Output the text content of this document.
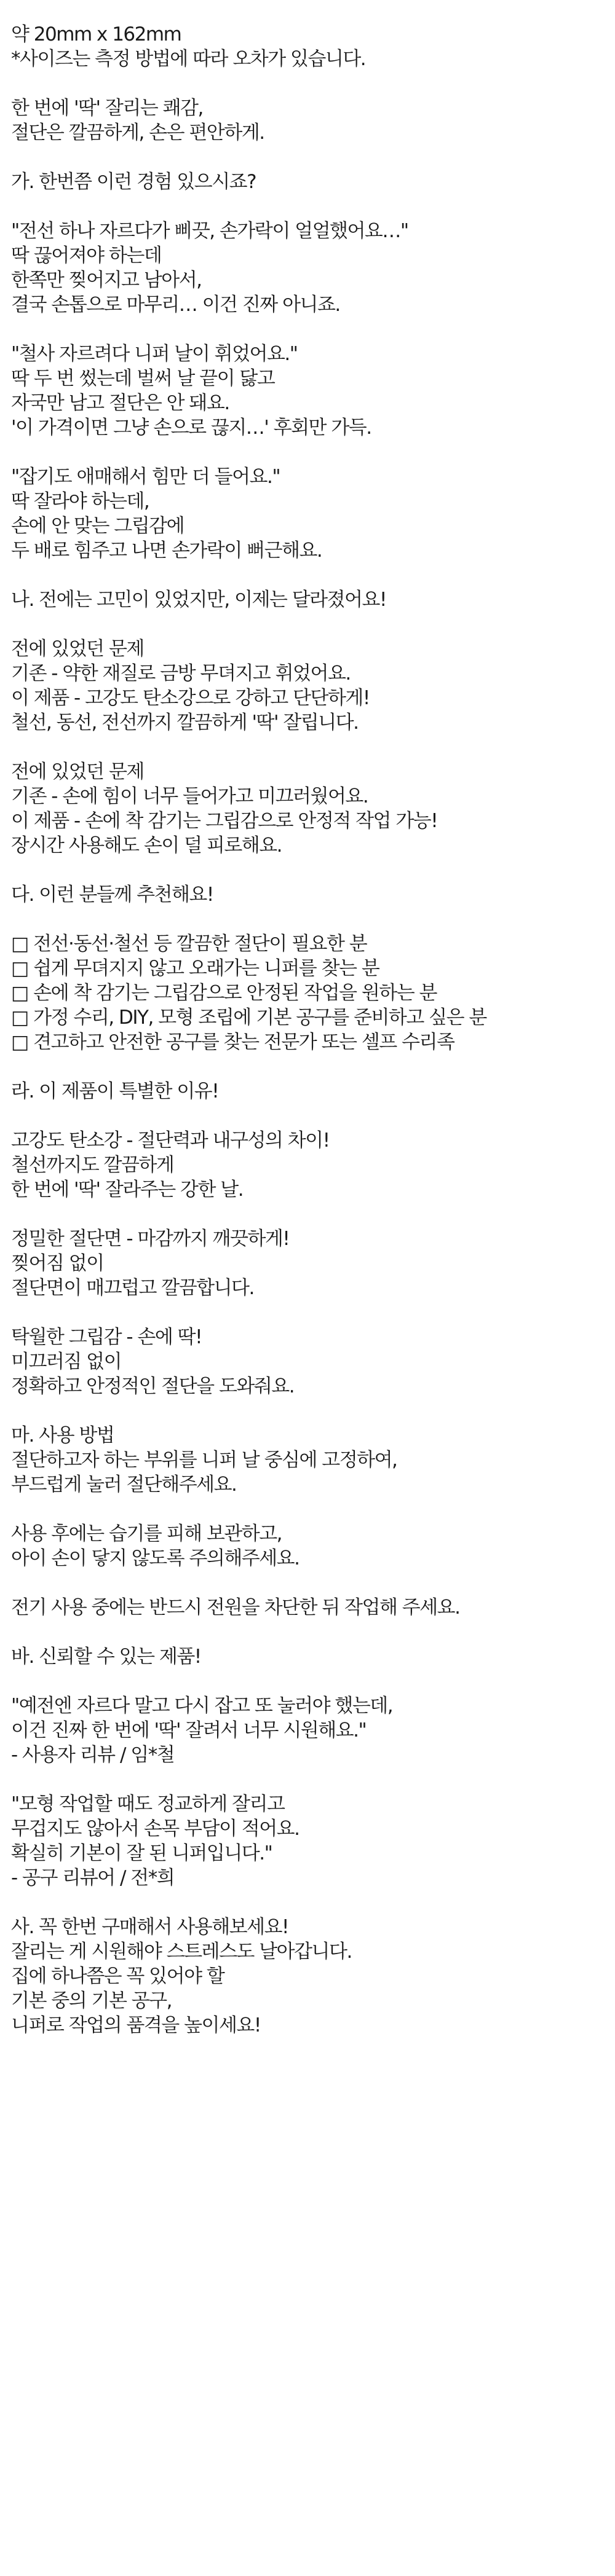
약 20mm x 162mm
*사이즈는 측정 방법에 따라 오차가 있습니다.
한 번에 '딱' 잘리는 쾌감,
절단은 깔끔하게, 손은 편안하게.
가. 한번쯤 이런 경험 있으시죠?
"전선 하나 자르다가 삐끗, 손가락이 얼얼했어요…"
딱 끊어져야 하는데
한쪽만 찢어지고 남아서,
결국 손톱으로 마무리… 이건 진짜 아니죠.
"철사 자르려다 니퍼 날이 휘었어요."
딱 두 번 썼는데 벌써 날 끝이 닳고
자국만 남고 절단은 안 돼요.
'이 가격이면 그냥 손으로 끊지…' 후회만 가득.
"잡기도 애매해서 힘만 더 들어요."
딱 잘라야 하는데,
손에 안 맞는 그립감에
두 배로 힘주고 나면 손가락이 뻐근해요.
나. 전에는 고민이 있었지만, 이제는 달라졌어요!
전에 있었던 문제
기존 - 약한 재질로 금방 무뎌지고 휘었어요.
이 제품 - 고강도 탄소강으로 강하고 단단하게!
철선, 동선, 전선까지 깔끔하게 '딱' 잘립니다.
전에 있었던 문제
기존 - 손에 힘이 너무 들어가고 미끄러웠어요.
이 제품 - 손에 착 감기는 그립감으로 안정적 작업 가능!
장시간 사용해도 손이 덜 피로해요.
다. 이런 분들께 추천해요!
□ 전선·동선·철선 등 깔끔한 절단이 필요한 분
□ 쉽게 무뎌지지 않고 오래가는 니퍼를 찾는 분
□ 손에 착 감기는 그립감으로 안정된 작업을 원하는 분
□ 가정 수리, DIY, 모형 조립에 기본 공구를 준비하고 싶은 분
□ 견고하고 안전한 공구를 찾는 전문가 또는 셀프 수리족
라. 이 제품이 특별한 이유!
고강도 탄소강 - 절단력과 내구성의 차이!
철선까지도 깔끔하게
한 번에 '딱' 잘라주는 강한 날.
정밀한 절단면 - 마감까지 깨끗하게!
찢어짐 없이
절단면이 매끄럽고 깔끔합니다.
탁월한 그립감 - 손에 딱!
미끄러짐 없이
정확하고 안정적인 절단을 도와줘요.
마. 사용 방법
절단하고자 하는 부위를 니퍼 날 중심에 고정하여,
부드럽게 눌러 절단해주세요.
사용 후에는 습기를 피해 보관하고,
아이 손이 닿지 않도록 주의해주세요.
전기 사용 중에는 반드시 전원을 차단한 뒤 작업해 주세요.
바. 신뢰할 수 있는 제품!
"예전엔 자르다 말고 다시 잡고 또 눌러야 했는데,
이건 진짜 한 번에 '딱' 잘려서 너무 시원해요."
- 사용자 리뷰 / 임*철
"모형 작업할 때도 정교하게 잘리고
무겁지도 않아서 손목 부담이 적어요.
확실히 기본이 잘 된 니퍼입니다."
- 공구 리뷰어 / 전*희
사. 꼭 한번 구매해서 사용해보세요!
잘리는 게 시원해야 스트레스도 날아갑니다.
집에 하나쯤은 꼭 있어야 할
기본 중의 기본 공구,
니퍼로 작업의 품격을 높이세요!
